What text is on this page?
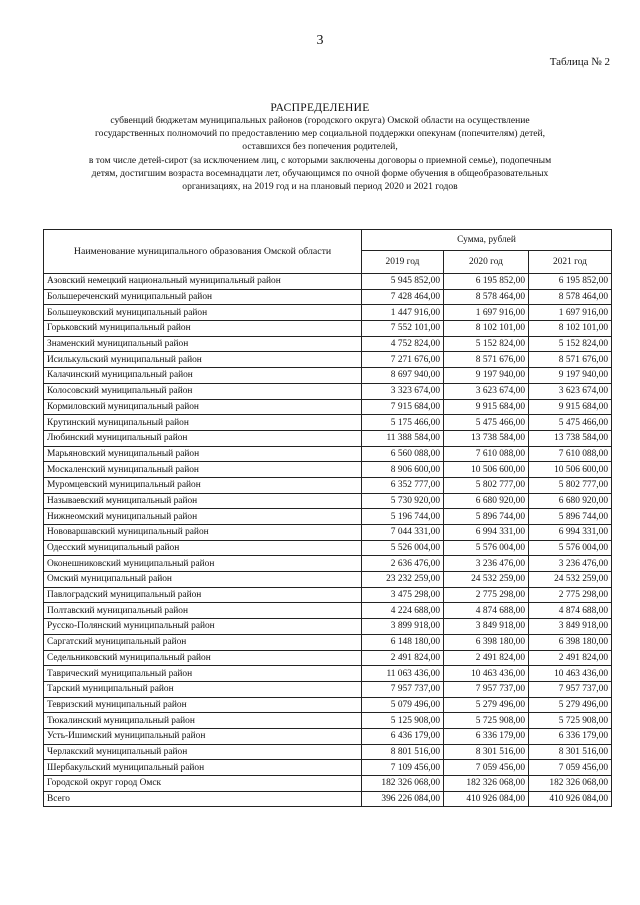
3
Таблица № 2
РАСПРЕДЕЛЕНИЕ
субвенций бюджетам муниципальных районов (городского округа) Омской области на осуществление
государственных полномочий по предоставлению мер социальной поддержки опекунам (попечителям) детей,
оставшихся без попечения родителей,
в том числе детей-сирот (за исключением лиц, с которыми заключены договоры о приемной семье), подопечным
детям, достигшим возраста восемнадцати лет, обучающимся по очной форме обучения в общеобразовательных
организациях, на 2019 год и на плановый период 2020 и 2021 годов
Наименование муниципального образования Омской области	Сумма, рублей		
	2019 год	2020 год	2021 год
Азовский немецкий национальный муниципальный район	5 945 852,00	6 195 852,00	6 195 852,00
Большереченский муниципальный район	7 428 464,00	8 578 464,00	8 578 464,00
Большеуковский муниципальный район	1 447 916,00	1 697 916,00	1 697 916,00
Горьковский муниципальный район	7 552 101,00	8 102 101,00	8 102 101,00
Знаменский муниципальный район	4 752 824,00	5 152 824,00	5 152 824,00
Исилькульский муниципальный район	7 271 676,00	8 571 676,00	8 571 676,00
Калачинский муниципальный район	8 697 940,00	9 197 940,00	9 197 940,00
Колосовский муниципальный район	3 323 674,00	3 623 674,00	3 623 674,00
Кормиловский муниципальный район	7 915 684,00	9 915 684,00	9 915 684,00
Крутинский муниципальный район	5 175 466,00	5 475 466,00	5 475 466,00
Любинский муниципальный район	11 388 584,00	13 738 584,00	13 738 584,00
Марьяновский муниципальный район	6 560 088,00	7 610 088,00	7 610 088,00
Москаленский муниципальный район	8 906 600,00	10 506 600,00	10 506 600,00
Муромцевский муниципальный район	6 352 777,00	5 802 777,00	5 802 777,00
Называевский муниципальный район	5 730 920,00	6 680 920,00	6 680 920,00
Нижнеомский муниципальный район	5 196 744,00	5 896 744,00	5 896 744,00
Нововаршавский муниципальный район	7 044 331,00	6 994 331,00	6 994 331,00
Одесский муниципальный район	5 526 004,00	5 576 004,00	5 576 004,00
Оконешниковский муниципальный район	2 636 476,00	3 236 476,00	3 236 476,00
Омский муниципальный район	23 232 259,00	24 532 259,00	24 532 259,00
Павлоградский муниципальный район	3 475 298,00	2 775 298,00	2 775 298,00
Полтавский муниципальный район	4 224 688,00	4 874 688,00	4 874 688,00
Русско-Полянский муниципальный район	3 899 918,00	3 849 918,00	3 849 918,00
Саргатский муниципальный район	6 148 180,00	6 398 180,00	6 398 180,00
Седельниковский муниципальный район	2 491 824,00	2 491 824,00	2 491 824,00
Таврический муниципальный район	11 063 436,00	10 463 436,00	10 463 436,00
Тарский муниципальный район	7 957 737,00	7 957 737,00	7 957 737,00
Тевризский муниципальный район	5 079 496,00	5 279 496,00	5 279 496,00
Тюкалинский муниципальный район	5 125 908,00	5 725 908,00	5 725 908,00
Усть-Ишимский муниципальный район	6 436 179,00	6 336 179,00	6 336 179,00
Черлакский муниципальный район	8 801 516,00	8 301 516,00	8 301 516,00
Шербакульский муниципальный район	7 109 456,00	7 059 456,00	7 059 456,00
Городской округ город Омск	182 326 068,00	182 326 068,00	182 326 068,00
Всего	396 226 084,00	410 926 084,00	410 926 084,00
